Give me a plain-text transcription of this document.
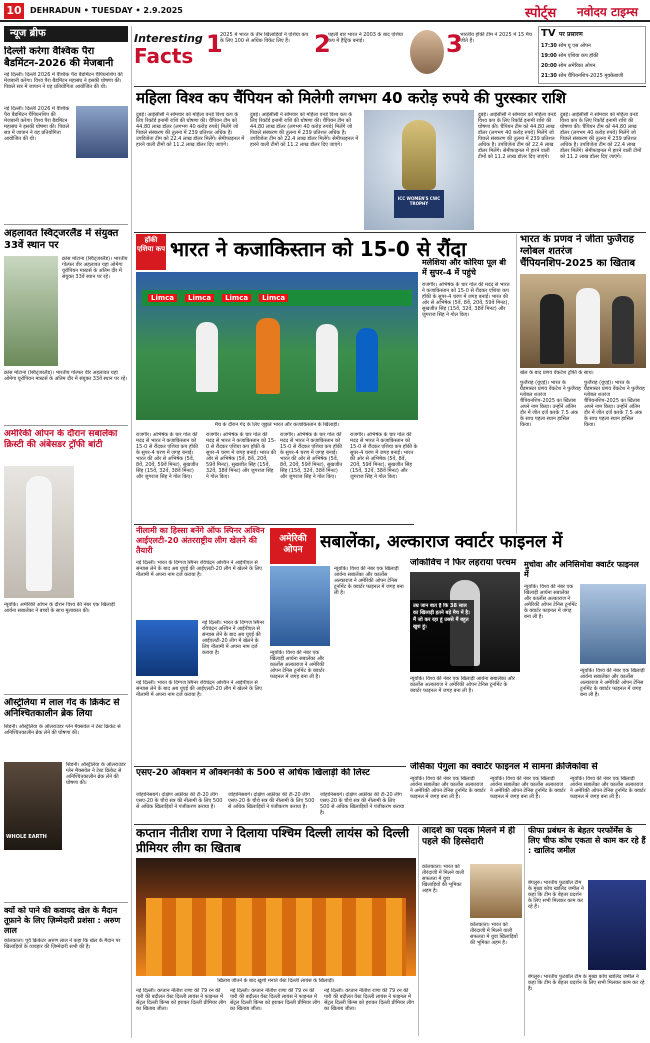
10 DEHRADUN • TUESDAY • 2.9.2025	स्पोर्ट्स नवोदय टाइम्स
न्यूज ब्रीफ
दिल्ली करेगा वैश्विक पैरा बैडमिंटन-2026 की मेजबानी
नई दिल्ली। दिल्ली 2026 में वैश्विक पैरा बैडमिंटन चैंपियनशिप की मेजबानी करेगा। विश्व पैरा बैडमिंटन महासंघ ने इसकी घोषणा की। पिछले सत्र में जापान ने यह प्रतियोगिता आयोजित की थी।
नई दिल्ली। दिल्ली 2026 में वैश्विक पैरा बैडमिंटन चैंपियनशिप की मेजबानी करेगा। विश्व पैरा बैडमिंटन महासंघ ने इसकी घोषणा की। पिछले सत्र में जापान ने यह प्रतियोगिता आयोजित की थी।
अहलावत स्विट्जरलैंड में संयुक्त 33वें स्थान पर
क्रांस मोंटाना (स्विट्जरलैंड)। भारतीय गोल्फर वीर अहलावत यहां ओमेगा यूरोपियन मास्टर्स के अंतिम दौर में संयुक्त 33वें स्थान पर रहे।
क्रांस मोंटाना (स्विट्जरलैंड)। भारतीय गोल्फर वीर अहलावत यहां ओमेगा यूरोपियन मास्टर्स के अंतिम दौर में संयुक्त 33वें स्थान पर रहे।
अमेरिकी ओपन के दौरान सबालेंका क्रिस्टी की अंबेसडर ट्रॉफी बांटी
न्यूयॉर्क। अमेरिकी ओपन के दौरान विश्व की नंबर एक खिलाड़ी आर्यना सबालेंका ने बच्चों के साथ मुलाकात की।
ऑस्ट्रेलिया में लाल गेंद के क्रिकेट से अनिश्चितकालीन ब्रेक लिया
सिडनी। ऑस्ट्रेलिया के ऑलराउंडर ग्लेन मैक्सवेल ने टेस्ट क्रिकेट से अनिश्चितकालीन ब्रेक लेने की घोषणा की।
WHOLE EARTH
सिडनी। ऑस्ट्रेलिया के ऑलराउंडर ग्लेन मैक्सवेल ने टेस्ट क्रिकेट से अनिश्चितकालीन ब्रेक लेने की घोषणा की।
क्यों को पाने की कवायद खेल के मैदान तूफ़ाने के लिए ज़िम्मेदारी प्रशंसा : अरुण लाल
कोलकाता। पूर्व क्रिकेटर अरुण लाल ने कहा कि खेल के मैदान पर खिलाड़ियों के व्यवहार की ज़िम्मेदारी सभी की है।
Interesting
Facts 1
2025 में भारत के तीन खिलाड़ियों ने एशिया कप के लिए 100 से अधिक विकेट लिए हैं।	2
पहली बार भारत ने 2003 के बाद एशिया कप में हैट्रिक बनाई।	3
भारतीय हॉकी टीम ने 2025 में 15 मैच जीते हैं।
TV पर प्रसारण
17:30 सोम यू एस ओपन
19:00 सोम एशिया कप हॉकी
20:00 सोम अमेरिका ओपन
21:30 सोम चैंपियनशिप-2025 मुक्केबाजी
महिला विश्व कप चैंपियन को मिलेगी लगभग 40 करोड़ रुपये की पुरस्कार राशि
दुबई। आईसीसी ने सोमवार को महिला वनडे विश्व कप के लिए रिकॉर्ड इनामी राशि की घोषणा की। चैंपियन टीम को 44.80 लाख डॉलर (लगभग 40 करोड़ रुपये) मिलेंगे जो पिछले संस्करण की तुलना में 239 प्रतिशत अधिक है। उपविजेता टीम को 22.4 लाख डॉलर मिलेंगे। सेमीफाइनल में हारने वाली टीमों को 11.2 लाख डॉलर दिए जाएंगे।
दुबई। आईसीसी ने सोमवार को महिला वनडे विश्व कप के लिए रिकॉर्ड इनामी राशि की घोषणा की। चैंपियन टीम को 44.80 लाख डॉलर (लगभग 40 करोड़ रुपये) मिलेंगे जो पिछले संस्करण की तुलना में 239 प्रतिशत अधिक है। उपविजेता टीम को 22.4 लाख डॉलर मिलेंगे। सेमीफाइनल में हारने वाली टीमों को 11.2 लाख डॉलर दिए जाएंगे।
ICC WOMEN'S CWC TROPHY
दुबई। आईसीसी ने सोमवार को महिला वनडे विश्व कप के लिए रिकॉर्ड इनामी राशि की घोषणा की। चैंपियन टीम को 44.80 लाख डॉलर (लगभग 40 करोड़ रुपये) मिलेंगे जो पिछले संस्करण की तुलना में 239 प्रतिशत अधिक है। उपविजेता टीम को 22.4 लाख डॉलर मिलेंगे। सेमीफाइनल में हारने वाली टीमों को 11.2 लाख डॉलर दिए जाएंगे।
दुबई। आईसीसी ने सोमवार को महिला वनडे विश्व कप के लिए रिकॉर्ड इनामी राशि की घोषणा की। चैंपियन टीम को 44.80 लाख डॉलर (लगभग 40 करोड़ रुपये) मिलेंगे जो पिछले संस्करण की तुलना में 239 प्रतिशत अधिक है। उपविजेता टीम को 22.4 लाख डॉलर मिलेंगे। सेमीफाइनल में हारने वाली टीमों को 11.2 लाख डॉलर दिए जाएंगे।
हॉकी एशिया कप भारत ने कजाकिस्तान को 15-0 से रौंदा
Limca	Limca	Limca	Limca
मैच के दौरान गेंद के लिए जूझते भारत और कजाकिस्तान के खिलाड़ी।
मलेशिया और कोरिया पूल बी में सुपर-4 में पहुंचे
राजगीर। अभिषेक के चार गोल की मदद से भारत ने कजाकिस्तान को 15-0 से रौंदकर एशिया कप हॉकी के सुपर-4 चरण में जगह बनाई। भारत की ओर से अभिषेक (5वें, 8वें, 20वें, 59वें मिनट), सुखजीत सिंह (15वें, 32वें, 38वें मिनट) और जुगराज सिंह ने गोल किए।
राजगीर। अभिषेक के चार गोल की मदद से भारत ने कजाकिस्तान को 15-0 से रौंदकर एशिया कप हॉकी के सुपर-4 चरण में जगह बनाई। भारत की ओर से अभिषेक (5वें, 8वें, 20वें, 59वें मिनट), सुखजीत सिंह (15वें, 32वें, 38वें मिनट) और जुगराज सिंह ने गोल किए।
राजगीर। अभिषेक के चार गोल की मदद से भारत ने कजाकिस्तान को 15-0 से रौंदकर एशिया कप हॉकी के सुपर-4 चरण में जगह बनाई। भारत की ओर से अभिषेक (5वें, 8वें, 20वें, 59वें मिनट), सुखजीत सिंह (15वें, 32वें, 38वें मिनट) और जुगराज सिंह ने गोल किए।
राजगीर। अभिषेक के चार गोल की मदद से भारत ने कजाकिस्तान को 15-0 से रौंदकर एशिया कप हॉकी के सुपर-4 चरण में जगह बनाई। भारत की ओर से अभिषेक (5वें, 8वें, 20वें, 59वें मिनट), सुखजीत सिंह (15वें, 32वें, 38वें मिनट) और जुगराज सिंह ने गोल किए।
राजगीर। अभिषेक के चार गोल की मदद से भारत ने कजाकिस्तान को 15-0 से रौंदकर एशिया कप हॉकी के सुपर-4 चरण में जगह बनाई। भारत की ओर से अभिषेक (5वें, 8वें, 20वें, 59वें मिनट), सुखजीत सिंह (15वें, 32वें, 38वें मिनट) और जुगराज सिंह ने गोल किए।
भारत के प्रणव ने जीता फुजैराह ग्लोबल शतरंज चैंपियनशिप-2025 का खिताब
खेल के बाद प्रणव वेंकटेश ट्रॉफी के साथ।
फुजैराह (यूएई)। भारत के ग्रैंडमास्टर प्रणव वेंकटेश ने फुजैराह ग्लोबल शतरंज चैंपियनशिप-2025 का खिताब अपने नाम किया। उन्होंने अंतिम दौर में जीत दर्ज करके 7.5 अंक के साथ पहला स्थान हासिल किया।
फुजैराह (यूएई)। भारत के ग्रैंडमास्टर प्रणव वेंकटेश ने फुजैराह ग्लोबल शतरंज चैंपियनशिप-2025 का खिताब अपने नाम किया। उन्होंने अंतिम दौर में जीत दर्ज करके 7.5 अंक के साथ पहला स्थान हासिल किया।
नीलामी का हिस्सा बनेंगे ऑफ स्पिनर अश्विन आईएलटी-20 अंतरराष्ट्रीय लीग खेलने की तैयारी
नई दिल्ली। भारत के दिग्गज स्पिनर रविचंद्रन अश्विन ने आईपीएल से संन्यास लेने के बाद अब यूएई की आईएलटी-20 लीग में खेलने के लिए नीलामी में अपना नाम दर्ज कराया है।
नई दिल्ली। भारत के दिग्गज स्पिनर रविचंद्रन अश्विन ने आईपीएल से संन्यास लेने के बाद अब यूएई की आईएलटी-20 लीग में खेलने के लिए नीलामी में अपना नाम दर्ज कराया है।
नई दिल्ली। भारत के दिग्गज स्पिनर रविचंद्रन अश्विन ने आईपीएल से संन्यास लेने के बाद अब यूएई की आईएलटी-20 लीग में खेलने के लिए नीलामी में अपना नाम दर्ज कराया है।
अमेरिकी ओपन	सबालेंका, अल्काराज क्वार्टर फाइनल में
न्यूयॉर्क। विश्व की नंबर एक खिलाड़ी आर्यना सबालेंका और कार्लोस अल्काराज ने अमेरिकी ओपन टेनिस टूर्नामेंट के क्वार्टर फाइनल में जगह बना ली है।
न्यूयॉर्क। विश्व की नंबर एक खिलाड़ी आर्यना सबालेंका और कार्लोस अल्काराज ने अमेरिकी ओपन टेनिस टूर्नामेंट के क्वार्टर फाइनल में जगह बना ली है।
जोकोविच ने फिर लहराया परचम
उम्र जान बात है कि 38 साल का खिलाड़ी इतने बड़े मैच में है। मैं जो कर रहा हूं उससे मैं बहुत खुश हूं।
न्यूयॉर्क। विश्व की नंबर एक खिलाड़ी आर्यना सबालेंका और कार्लोस अल्काराज ने अमेरिकी ओपन टेनिस टूर्नामेंट के क्वार्टर फाइनल में जगह बना ली है।
मुचोवा और अनिसिमोवा क्वार्टर फाइनल में
न्यूयॉर्क। विश्व की नंबर एक खिलाड़ी आर्यना सबालेंका और कार्लोस अल्काराज ने अमेरिकी ओपन टेनिस टूर्नामेंट के क्वार्टर फाइनल में जगह बना ली है।
न्यूयॉर्क। विश्व की नंबर एक खिलाड़ी आर्यना सबालेंका और कार्लोस अल्काराज ने अमेरिकी ओपन टेनिस टूर्नामेंट के क्वार्टर फाइनल में जगह बना ली है।
जेसिका पेगुला का क्वार्टर फाइनल में सामना क्रेजिकोवा से
न्यूयॉर्क। विश्व की नंबर एक खिलाड़ी आर्यना सबालेंका और कार्लोस अल्काराज ने अमेरिकी ओपन टेनिस टूर्नामेंट के क्वार्टर फाइनल में जगह बना ली है।
न्यूयॉर्क। विश्व की नंबर एक खिलाड़ी आर्यना सबालेंका और कार्लोस अल्काराज ने अमेरिकी ओपन टेनिस टूर्नामेंट के क्वार्टर फाइनल में जगह बना ली है।
न्यूयॉर्क। विश्व की नंबर एक खिलाड़ी आर्यना सबालेंका और कार्लोस अल्काराज ने अमेरिकी ओपन टेनिस टूर्नामेंट के क्वार्टर फाइनल में जगह बना ली है।
एसए-20 ऑक्शन में ऑक्शनकी के 500 से अधिक खिलाड़ी की लिस्ट
जोहानिसबर्ग। दक्षिण अफ्रीका की टी-20 लीग एसए-20 के चौथे सत्र की नीलामी के लिए 500 से अधिक खिलाड़ियों ने पंजीकरण कराया है।
जोहानिसबर्ग। दक्षिण अफ्रीका की टी-20 लीग एसए-20 के चौथे सत्र की नीलामी के लिए 500 से अधिक खिलाड़ियों ने पंजीकरण कराया है।
जोहानिसबर्ग। दक्षिण अफ्रीका की टी-20 लीग एसए-20 के चौथे सत्र की नीलामी के लिए 500 से अधिक खिलाड़ियों ने पंजीकरण कराया है।
कप्तान नीतीश राणा ने दिलाया पश्चिम दिल्ली लायंस को दिल्ली प्रीमियर लीग का खिताब
खिताब जीतने के बाद खुशी मनाते वेस्ट दिल्ली लायंस के खिलाड़ी।
नई दिल्ली। कप्तान नीतीश राणा की 79 रन की पारी की बदौलत वेस्ट दिल्ली लायंस ने फाइनल में सेंट्रल दिल्ली किंग्स को हराकर दिल्ली प्रीमियर लीग का खिताब जीता।
नई दिल्ली। कप्तान नीतीश राणा की 79 रन की पारी की बदौलत वेस्ट दिल्ली लायंस ने फाइनल में सेंट्रल दिल्ली किंग्स को हराकर दिल्ली प्रीमियर लीग का खिताब जीता।
नई दिल्ली। कप्तान नीतीश राणा की 79 रन की पारी की बदौलत वेस्ट दिल्ली लायंस ने फाइनल में सेंट्रल दिल्ली किंग्स को हराकर दिल्ली प्रीमियर लीग का खिताब जीता।
आदर्श का पदक मिलने में ही पहले की हिस्सेदारी
कोलकाता। भारत को तीरंदाजी में मिलने वाली सफलता में युवा खिलाड़ियों की भूमिका अहम है।
कोलकाता। भारत को तीरंदाजी में मिलने वाली सफलता में युवा खिलाड़ियों की भूमिका अहम है।
फीफा प्रबंधन के बेहतर परफॉर्मेंस के लिए चीफ कोच एकता से काम कर रहे हैं : खालिद जमील
बेंगलुरु। भारतीय फुटबॉल टीम के मुख्य कोच खालिद जमील ने कहा कि टीम के बेहतर प्रदर्शन के लिए सभी मिलकर काम कर रहे हैं।
बेंगलुरु। भारतीय फुटबॉल टीम के मुख्य कोच खालिद जमील ने कहा कि टीम के बेहतर प्रदर्शन के लिए सभी मिलकर काम कर रहे हैं।
